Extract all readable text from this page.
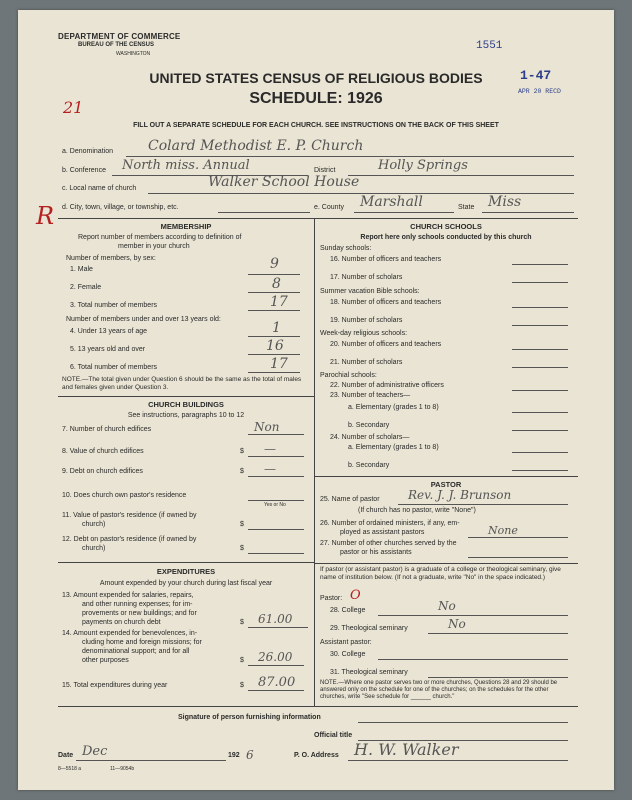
DEPARTMENT OF COMMERCE
BUREAU OF THE CENSUS
WASHINGTON
UNITED STATES CENSUS OF RELIGIOUS BODIES
SCHEDULE: 1926
FILL OUT A SEPARATE SCHEDULE FOR EACH CHURCH. SEE INSTRUCTIONS ON THE BACK OF THIS SHEET
1551
1-47
APR 20 RECD
21
R
a. Denomination	Colard Methodist E. P. Church
b. Conference North miss. Annual	District	Holly Springs
c. Local name of church	Walker School House
d. City, town, village, or township, etc.	e. County Marshall	State Miss
MEMBERSHIP
Report number of members according to definition of
member in your church
Number of members, by sex:
1. Male	9
2. Female	8
3. Total number of members	17
Number of members under and over 13 years old:
4. Under 13 years of age	1
5. 13 years old and over	16
6. Total number of members	17
NOTE.—The total given under Question 6 should be the same as the total of males and females given under Question 3.
CHURCH BUILDINGS
See instructions, paragraphs 10 to 12
7. Number of church edifices	Non
8. Value of church edifices	$ —
9. Debt on church edifices	$ —
10. Does church own pastor's residence
Yes or No
11. Value of pastor's residence (if owned by
church)	$
12. Debt on pastor's residence (if owned by
church)	$
EXPENDITURES
Amount expended by your church during last fiscal year
13. Amount expended for salaries, repairs,
and other running expenses; for im-
provements or new buildings; and for
payments on church debt	$ 61.00
14. Amount expended for benevolences, in-
cluding home and foreign missions; for
denominational support; and for all
other purposes	$ 26.00
15. Total expenditures during year	$ 87.00
CHURCH SCHOOLS
Report here only schools conducted by this church
Sunday schools:
16. Number of officers and teachers
17. Number of scholars
Summer vacation Bible schools:
18. Number of officers and teachers
19. Number of scholars
Week-day religious schools:
20. Number of officers and teachers
21. Number of scholars
Parochial schools:
22. Number of administrative officers
23. Number of teachers—
a. Elementary (grades 1 to 8)
b. Secondary
24. Number of scholars—
a. Elementary (grades 1 to 8)
b. Secondary
PASTOR
25. Name of pastor Rev. J. J. Brunson
(If church has no pastor, write "None")
26. Number of ordained ministers, if any, em-
ployed as assistant pastors	None
27. Number of other churches served by the
pastor or his assistants
If pastor (or assistant pastor) is a graduate of a college or theological seminary, give name of institution below. (If not a graduate, write "No" in the space indicated.)
Pastor: O
28. College	No
29. Theological seminary	No
Assistant pastor:
30. College
31. Theological seminary
NOTE.—Where one pastor serves two or more churches, Questions 28 and 29 should be answered only on the schedule for one of the churches; on the schedules for the other churches, write "See schedule for ______ church."
Signature of person furnishing information
Official title
Date Dec	192 6	P. O. Address H. W. Walker
8—5518 a	11—9054b
